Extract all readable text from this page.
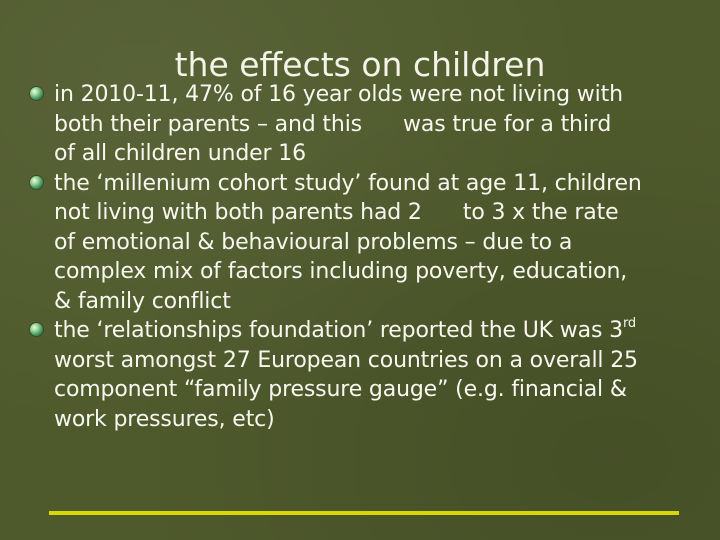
the effects on children
in 2010-11, 47% of 16 year olds were not living with
both their parents – and this      was true for a third
of all children under 16
the ‘millenium cohort study’ found at age 11, children
not living with both parents had 2      to 3 x the rate
of emotional & behavioural problems – due to a
complex mix of factors including poverty, education,
& family conflict
the ‘relationships foundation’ reported the UK was 3rd
worst amongst 27 European countries on a overall 25
component “family pressure gauge” (e.g. financial &
work pressures, etc)
